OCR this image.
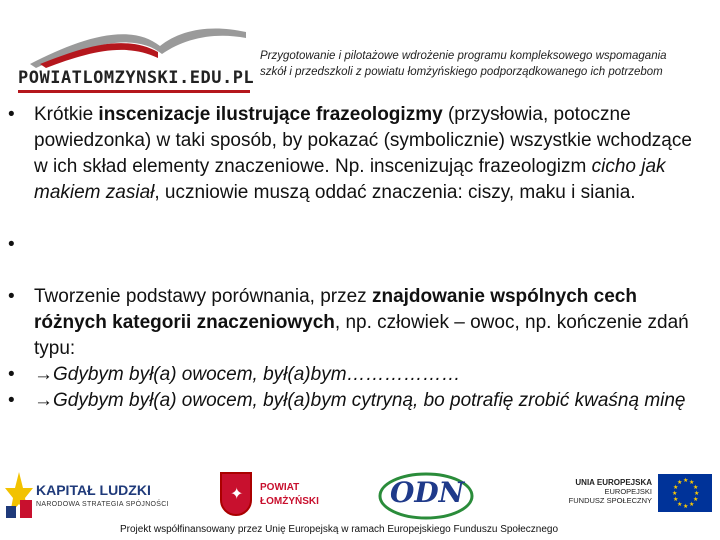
POWIATLOMZYNSKI.EDU.PL
Przygotowanie i pilotażowe wdrożenie programu kompleksowego wspomagania
szkół i przedszkoli z powiatu łomżyńskiego podporządkowanego ich potrzebom
•	Krótkie inscenizacje ilustrujące frazeologizmy (przysłowia, potoczne powiedzonka) w taki sposób, by pokazać (symbolicznie) wszystkie wchodzące w ich skład elementy znaczeniowe. Np. inscenizując frazeologizm cicho jak makiem zasiał, uczniowie muszą oddać znaczenia: ciszy, maku i siania.
•
•	Tworzenie podstawy porównania, przez znajdowanie wspólnych cech różnych kategorii znaczeniowych, np. człowiek – owoc, np. kończenie zdań typu:
•	→Gdybym był(a) owocem, był(a)bym………………
•	→Gdybym był(a) owocem, był(a)bym cytryną, bo potrafię zrobić kwaśną minę
KAPITAŁ LUDZKI
NARODOWA STRATEGIA SPÓJNOŚCI
✦ POWIAT
ŁOMŻYŃSKI	ODN	UNIA EUROPEJSKA
EUROPEJSKI
FUNDUSZ SPOŁECZNY
★ ★
★
★
★
★
★
★
★
★
★
★
Projekt współfinansowany przez Unię Europejską w ramach Europejskiego Funduszu Społecznego
